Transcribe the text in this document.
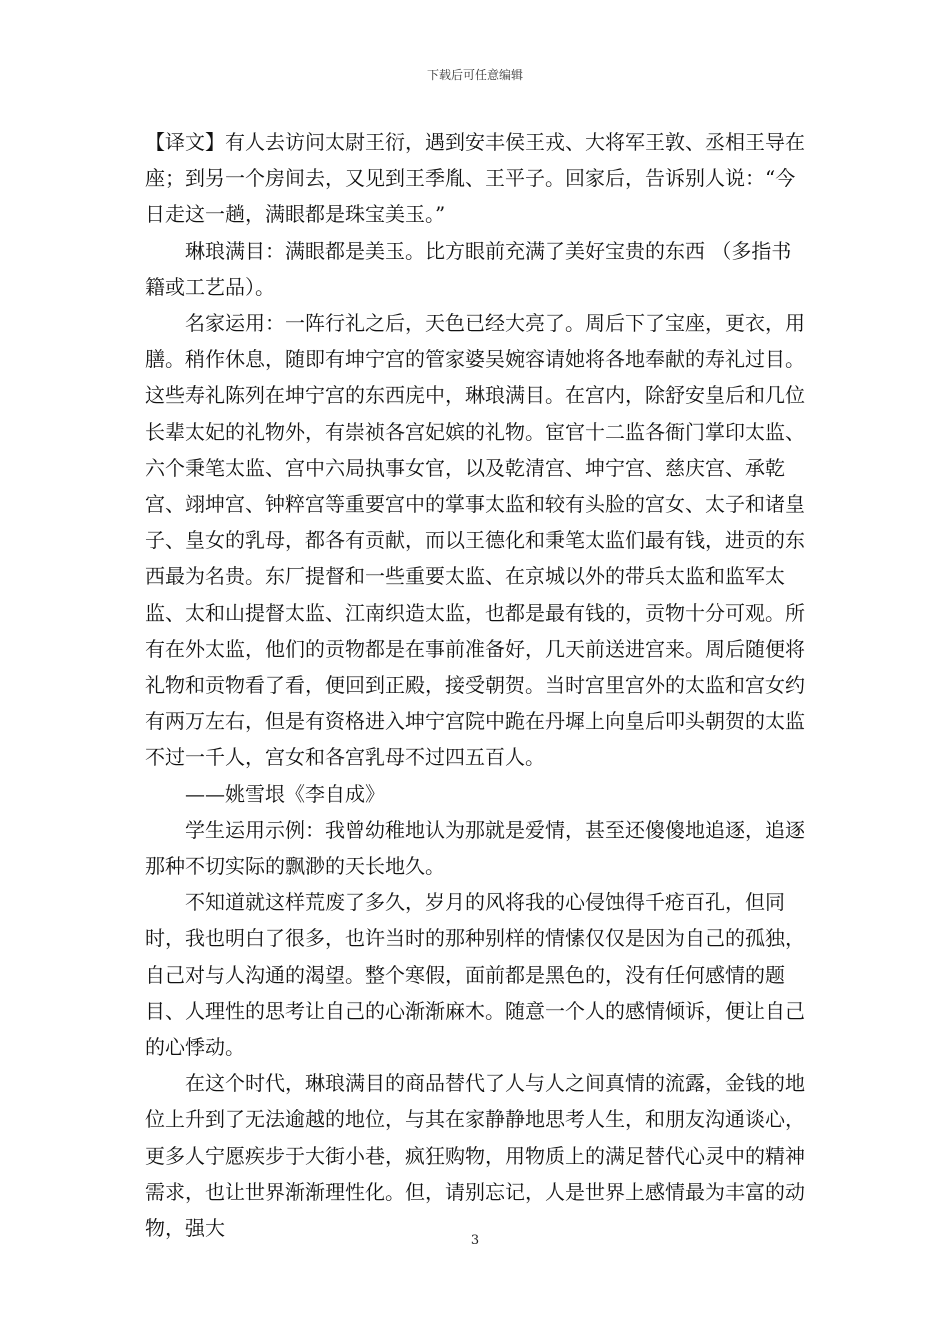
下载后可任意编辑

【译文】有人去访问太尉王衍，遇到安丰侯王戎、大将军王敦、丞相王导在座；到另一个房间去，又见到王季胤、王平子。回家后，告诉别人说：“今日走这一趟，满眼都是珠宝美玉。”

琳琅满目：满眼都是美玉。比方眼前充满了美好宝贵的东西 （多指书籍或工艺品）。

名家运用：一阵行礼之后，天色已经大亮了。周后下了宝座，更衣，用膳。稍作休息，随即有坤宁宫的管家婆吴婉容请她将各地奉献的寿礼过目。这些寿礼陈列在坤宁宫的东西庑中，琳琅满目。在宫内，除舒安皇后和几位长辈太妃的礼物外，有崇祯各宫妃嫔的礼物。宦官十二监各衙门掌印太监、六个秉笔太监、宫中六局执事女官，以及乾清宫、坤宁宫、慈庆宫、承乾宫、翊坤宫、钟粹宫等重要宫中的掌事太监和较有头脸的宫女、太子和诸皇子、皇女的乳母，都各有贡献，而以王德化和秉笔太监们最有钱，进贡的东西最为名贵。东厂提督和一些重要太监、在京城以外的带兵太监和监军太监、太和山提督太监、江南织造太监，也都是最有钱的，贡物十分可观。所有在外太监，他们的贡物都是在事前准备好，几天前送进宫来。周后随便将礼物和贡物看了看，便回到正殿，接受朝贺。当时宫里宫外的太监和宫女约有两万左右，但是有资格进入坤宁宫院中跪在丹墀上向皇后叩头朝贺的太监不过一千人，宫女和各宫乳母不过四五百人。

——姚雪垠《李自成》

学生运用示例：我曾幼稚地认为那就是爱情，甚至还傻傻地追逐，追逐那种不切实际的飘渺的天长地久。

不知道就这样荒废了多久，岁月的风将我的心侵蚀得千疮百孔，但同时，我也明白了很多，也许当时的那种别样的情愫仅仅是因为自己的孤独，自己对与人沟通的渴望。整个寒假，面前都是黑色的，没有任何感情的题目、人理性的思考让自己的心渐渐麻木。随意一个人的感情倾诉，便让自己的心悸动。

在这个时代，琳琅满目的商品替代了人与人之间真情的流露，金钱的地位上升到了无法逾越的地位，与其在家静静地思考人生，和朋友沟通谈心，更多人宁愿疾步于大街小巷，疯狂购物，用物质上的满足替代心灵中的精神需求，也让世界渐渐理性化。但，请别忘记，人是世界上感情最为丰富的动物，强大

3
